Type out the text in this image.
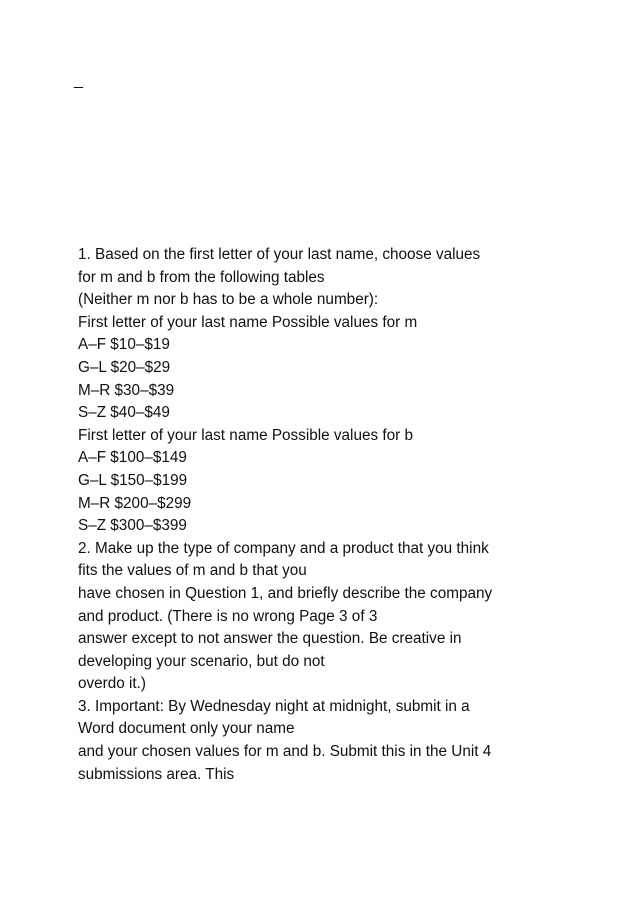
_
1. Based on the first letter of your last name, choose values
for m and b from the following tables
(Neither m nor b has to be a whole number):
First letter of your last name Possible values for m
A–F $10–$19
G–L $20–$29
M–R $30–$39
S–Z $40–$49
First letter of your last name Possible values for b
A–F $100–$149
G–L $150–$199
M–R $200–$299
S–Z $300–$399
2. Make up the type of company and a product that you think
fits the values of m and b that you
have chosen in Question 1, and briefly describe the company
and product. (There is no wrong Page 3 of 3
answer except to not answer the question. Be creative in
developing your scenario, but do not
overdo it.)
3. Important: By Wednesday night at midnight, submit in a
Word document only your name
and your chosen values for m and b. Submit this in the Unit 4
submissions area. This
